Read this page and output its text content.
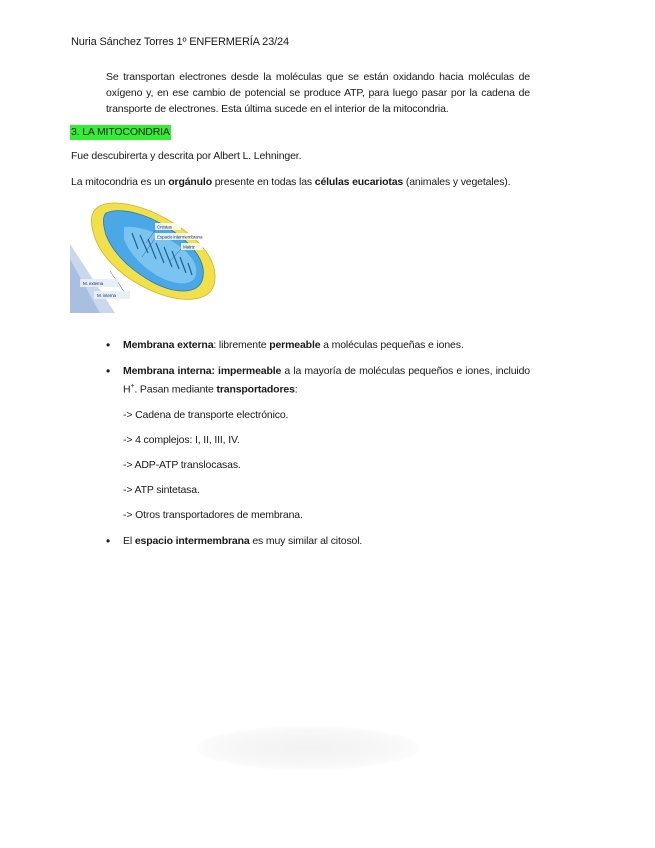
Nuria Sánchez Torres 1º ENFERMERÍA 23/24
Se transportan electrones desde la moléculas que se están oxidando hacia moléculas de oxígeno y, en ese cambio de potencial se produce ATP, para luego pasar por la cadena de transporte de electrones. Esta última sucede en el interior de la mitocondria.
3. LA MITOCONDRIA
Fue descubirerta y descrita por Albert L. Lehninger.
La mitocondria es un orgánulo presente en todas las células eucariotas (animales y vegetales).
Crestas
Espacio intermembrana
Matriz
M. externa
M. interna
• Membrana externa: libremente permeable a moléculas pequeñas e iones.
• Membrana interna: impermeable a la mayoría de moléculas pequeños e iones, incluido H+. Pasan mediante transportadores:
-> Cadena de transporte electrónico.
-> 4 complejos: I, II, III, IV.
-> ADP-ATP translocasas.
-> ATP sintetasa.
-> Otros transportadores de membrana.
• El espacio intermembrana es muy similar al citosol.
